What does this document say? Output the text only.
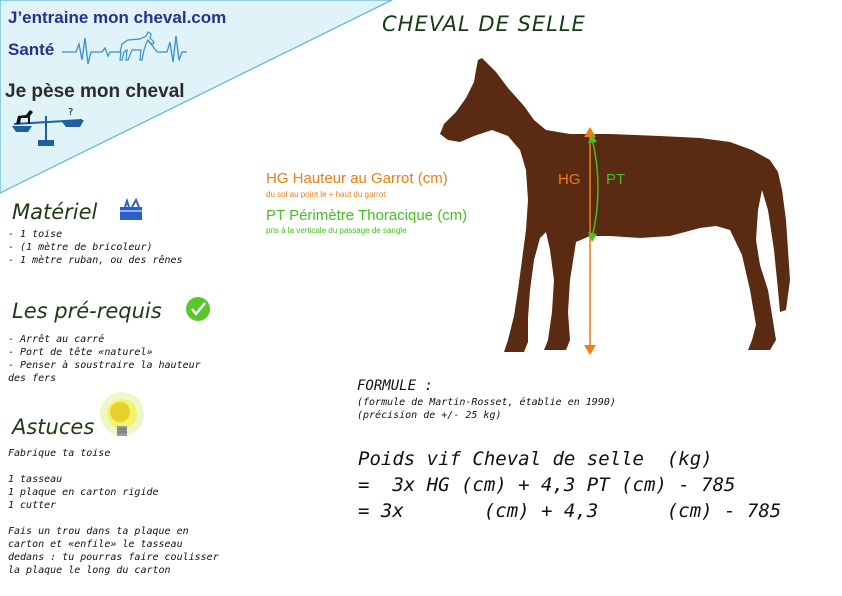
J’entraine mon cheval.com
Santé
Je pèse mon cheval
?
CHEVAL DE SELLE
Matériel
- 1 toise
- (1 mètre de bricoleur)
- 1 mètre ruban, ou des rênes
Les pré-requis
- Arrêt au carré
- Port de tête «naturel»
- Penser à soustraire la hauteur
des fers
Astuces
Fabrique ta toise
1 tasseau
1 plaque en carton rigide
1 cutter
Fais un trou dans ta plaque en
carton et «enfile» le tasseau
dedans : tu pourras faire coulisser
la plaque le long du carton
HG PT
HG Hauteur au Garrot (cm)
du sol au point le + haut du garrot
PT Périmètre Thoracique (cm)
pris à la verticale du passage de sangle
FORMULE :
(formule de Martin-Rosset, établie en 1990)
(précision de +/- 25 kg)
Poids vif Cheval de selle  (kg)
=  3x HG (cm) + 4,3 PT (cm) - 785
= 3x       (cm) + 4,3      (cm) - 785
